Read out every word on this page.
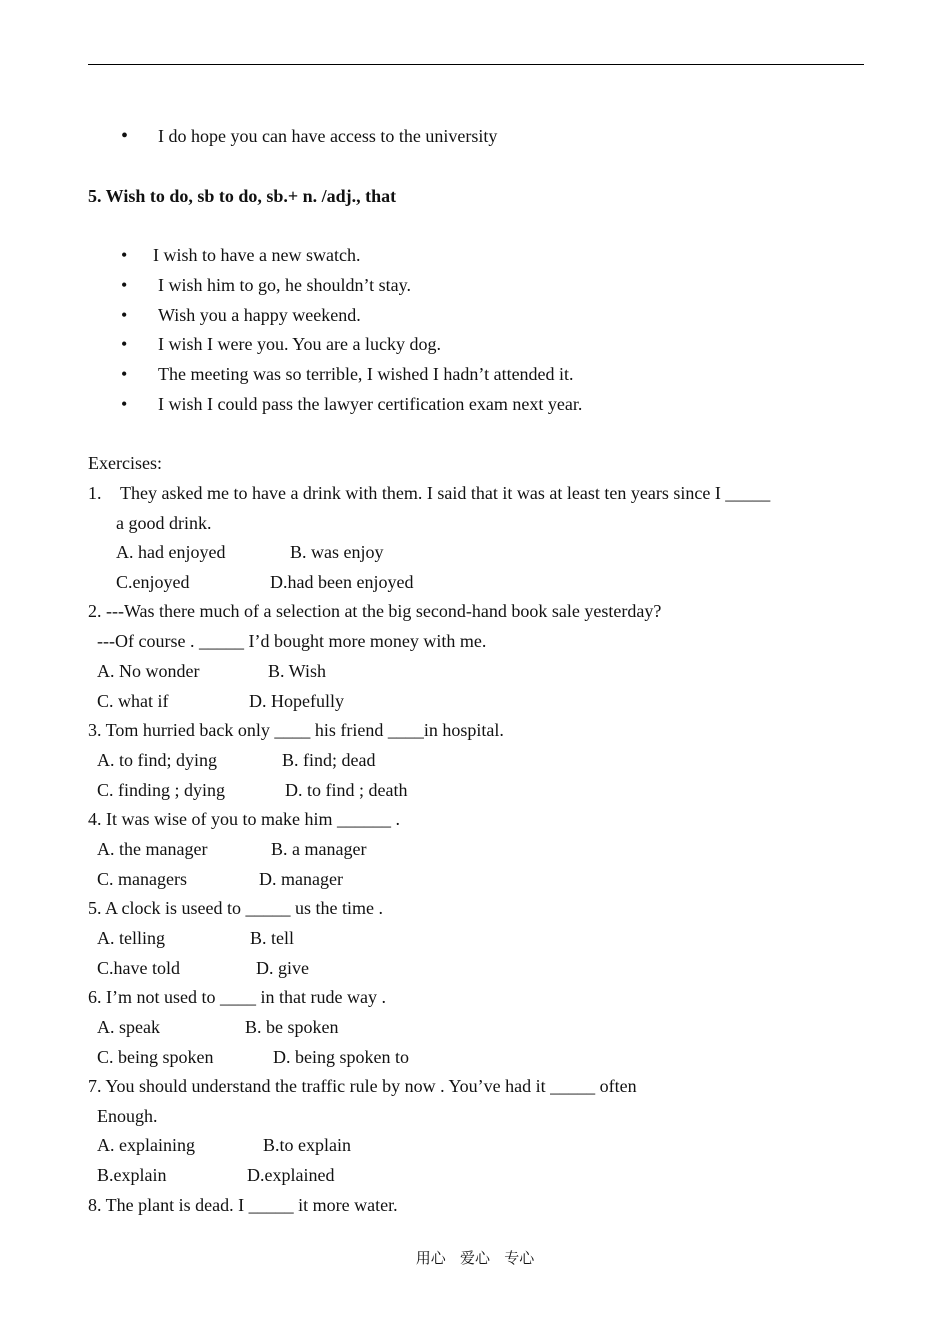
• I do hope you can have access to the university
5. Wish to do, sb to do, sb.+ n. /adj., that
• I wish to have a new swatch.
• I wish him to go, he shouldn’t stay.
• Wish you a happy weekend.
• I wish I were you. You are a lucky dog.
• The meeting was so terrible, I wished I hadn’t attended it.
• I wish I could pass the lawyer certification exam next year.
Exercises:
1. They asked me to have a drink with them. I said that it was at least ten years since I _____
a good drink.
A. had enjoyed	B. was enjoy
C.enjoyed	D.had been enjoyed
2. ---Was there much of a selection at the big second-hand book sale yesterday?
---Of course . _____ I’d bought more money with me.
A. No wonder	B. Wish
C. what if	D. Hopefully
3. Tom hurried back only ____ his friend ____in hospital.
A. to find; dying	B. find; dead
C. finding ; dying	D. to find ; death
4. It was wise of you to make him ______ .
A. the manager	B. a manager
C. managers	D. manager
5. A clock is useed to _____ us the time .
A. telling	B. tell
C.have told	D. give
6. I’m not used to ____ in that rude way .
A. speak	B. be spoken
C. being spoken	D. being spoken to
7. You should understand the traffic rule by now . You’ve had it _____ often
Enough.
A. explaining	B.to explain
B.explain	D.explained
8. The plant is dead. I _____ it more water.
用心   爱心   专心
